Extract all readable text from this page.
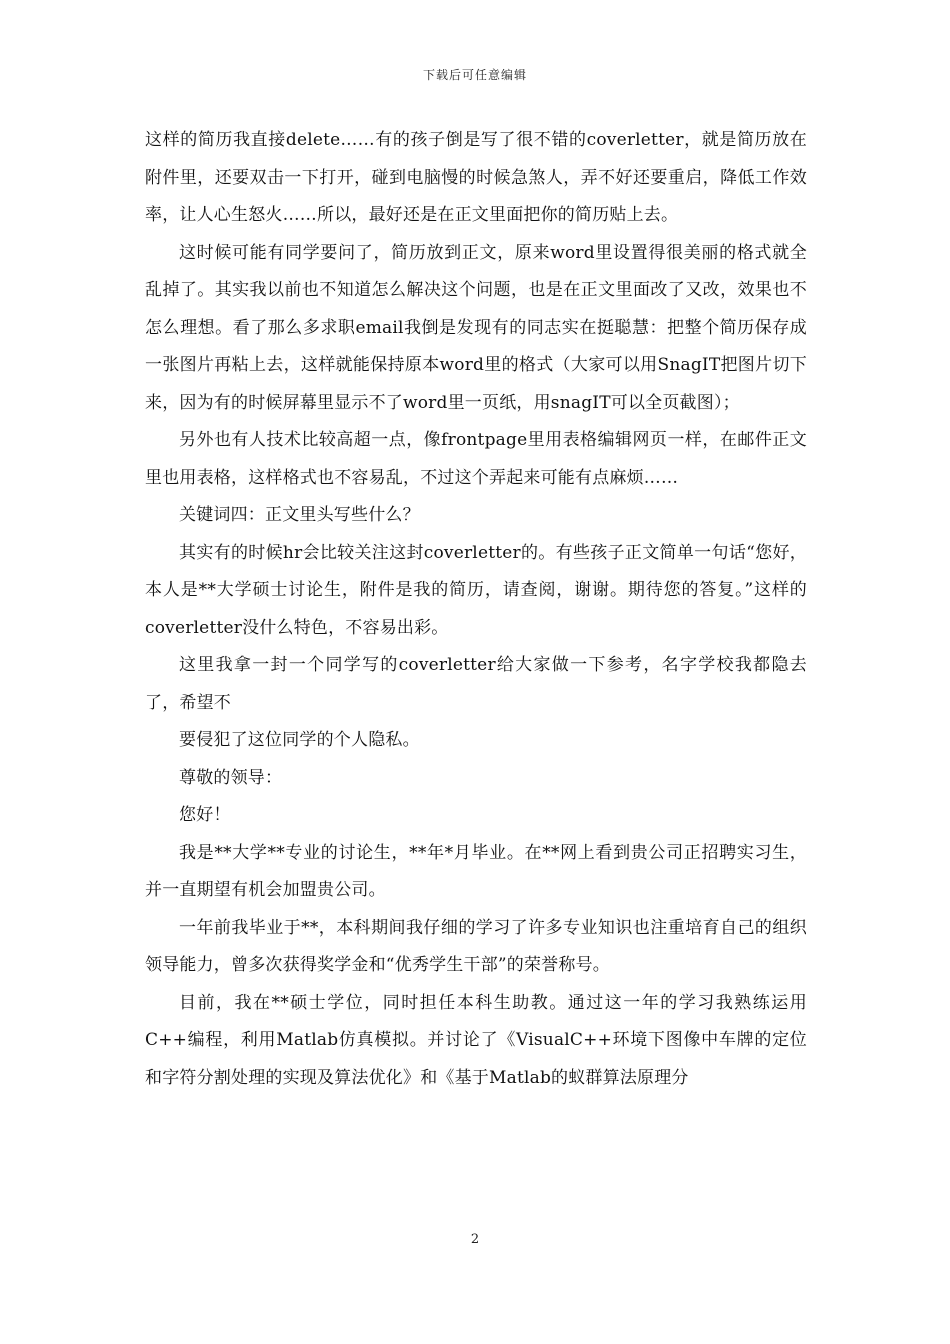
下载后可任意编辑

这样的简历我直接delete……有的孩子倒是写了很不错的coverletter，就是简历放在附件里，还要双击一下打开，碰到电脑慢的时候急煞人，弄不好还要重启，降低工作效率，让人心生怒火……所以，最好还是在正文里面把你的简历贴上去。

这时候可能有同学要问了，简历放到正文，原来word里设置得很美丽的格式就全乱掉了。其实我以前也不知道怎么解决这个问题，也是在正文里面改了又改，效果也不怎么理想。看了那么多求职email我倒是发现有的同志实在挺聪慧：把整个简历保存成一张图片再粘上去，这样就能保持原本word里的格式（大家可以用SnagIT把图片切下来，因为有的时候屏幕里显示不了word里一页纸，用snagIT可以全页截图）；

另外也有人技术比较高超一点，像frontpage里用表格编辑网页一样，在邮件正文里也用表格，这样格式也不容易乱，不过这个弄起来可能有点麻烦……

关键词四：正文里头写些什么？

其实有的时候hr会比较关注这封coverletter的。有些孩子正文简单一句话“您好，本人是**大学硕士讨论生，附件是我的简历，请查阅，谢谢。期待您的答复。”这样的coverletter没什么特色，不容易出彩。

这里我拿一封一个同学写的coverletter给大家做一下参考，名字学校我都隐去了，希望不

要侵犯了这位同学的个人隐私。

尊敬的领导：

您好！

我是**大学**专业的讨论生，**年*月毕业。在**网上看到贵公司正招聘实习生，并一直期望有机会加盟贵公司。

一年前我毕业于**，本科期间我仔细的学习了许多专业知识也注重培育自己的组织领导能力，曾多次获得奖学金和“优秀学生干部”的荣誉称号。

目前，我在**硕士学位，同时担任本科生助教。通过这一年的学习我熟练运用C++编程，利用Matlab仿真模拟。并讨论了《VisualC++环境下图像中车牌的定位和字符分割处理的实现及算法优化》和《基于Matlab的蚁群算法原理分

2
